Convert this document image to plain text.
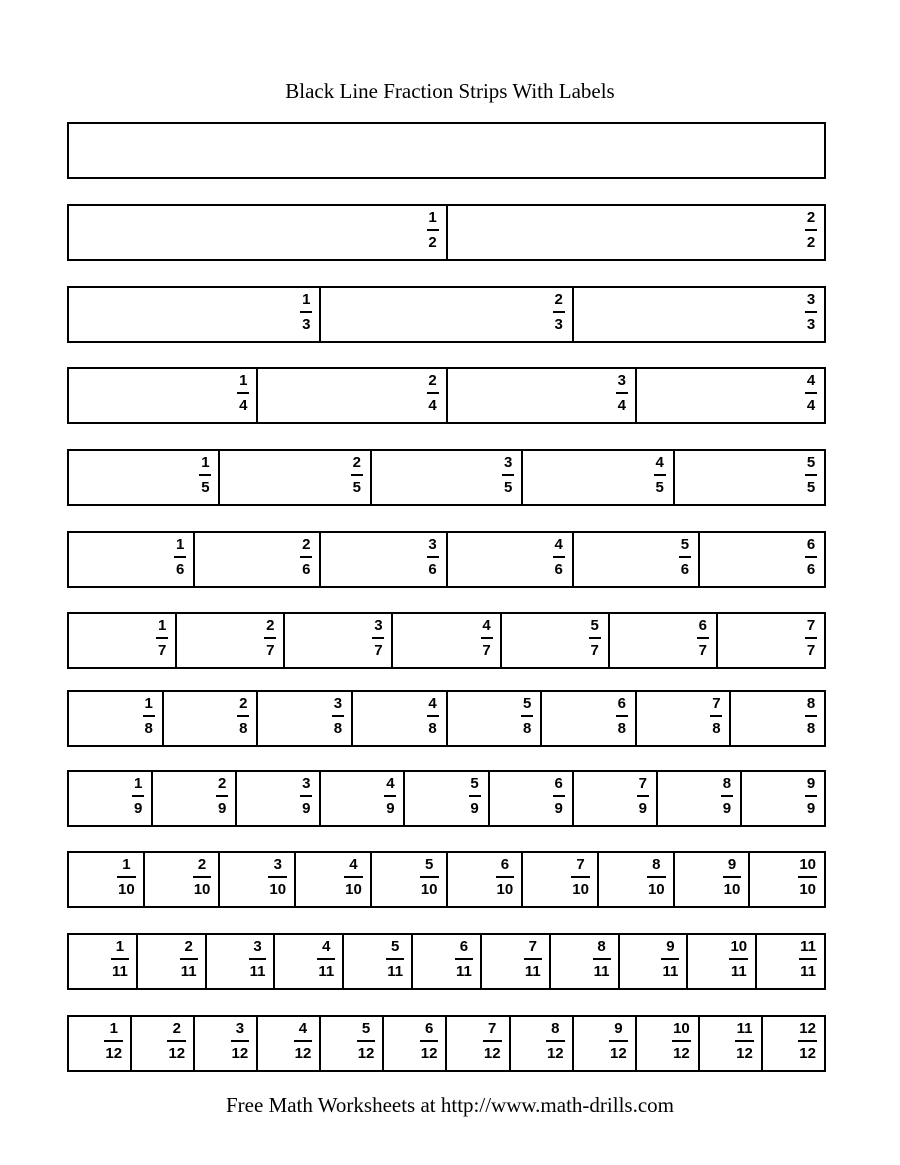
Black Line Fraction Strips With Labels
1
2
2
2
1
3
2
3
3
3
1
4
2
4
3
4
4
4
1
5
2
5
3
5
4
5
5
5
1
6
2
6
3
6
4
6
5
6
6
6
1
7
2
7
3
7
4
7
5
7
6
7
7
7
1
8
2
8
3
8
4
8
5
8
6
8
7
8
8
8
1
9
2
9
3
9
4
9
5
9
6
9
7
9
8
9
9
9
1
10
2
10
3
10
4
10
5
10
6
10
7
10
8
10
9
10
10
10
1
11
2
11
3
11
4
11
5
11
6
11
7
11
8
11
9
11
10
11
11
11
1
12
2
12
3
12
4
12
5
12
6
12
7
12
8
12
9
12
10
12
11
12
12
12
Free Math Worksheets at http://www.math-drills.com
